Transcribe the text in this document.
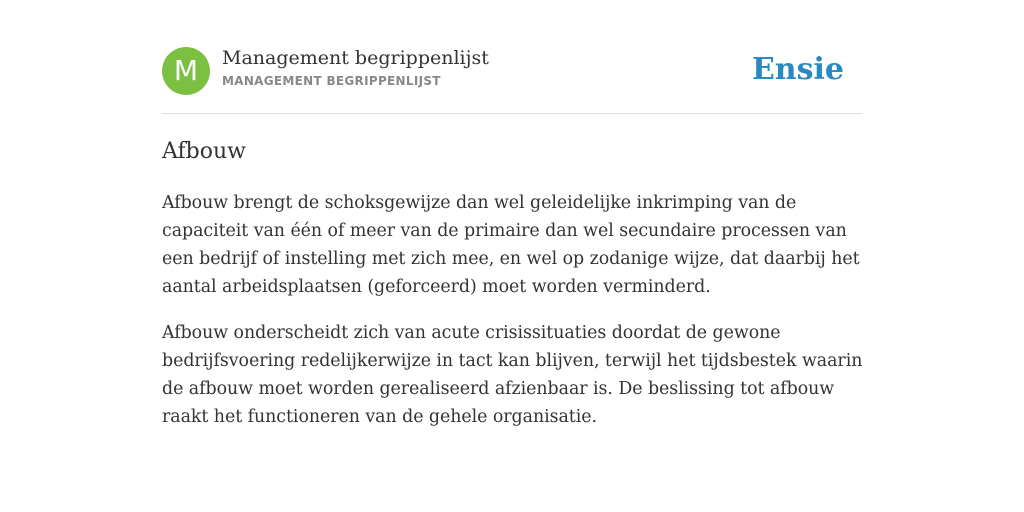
M	Management begrippenlijst
MANAGEMENT BEGRIPPENLIJST	Ensie
Afbouw

Afbouw brengt de schoksgewijze dan wel geleidelijke inkrimping van de capaciteit van één of meer van de primaire dan wel secundaire processen van een bedrijf of instelling met zich mee, en wel op zodanige wijze, dat daarbij het aantal arbeidsplaatsen (geforceerd) moet worden verminderd.

Afbouw onderscheidt zich van acute crisissituaties doordat de gewone bedrijfsvoering redelijkerwijze in tact kan blijven, terwijl het tijdsbestek waarin de afbouw moet worden gerealiseerd afzienbaar is. De beslissing tot afbouw raakt het functioneren van de gehele organisatie.
